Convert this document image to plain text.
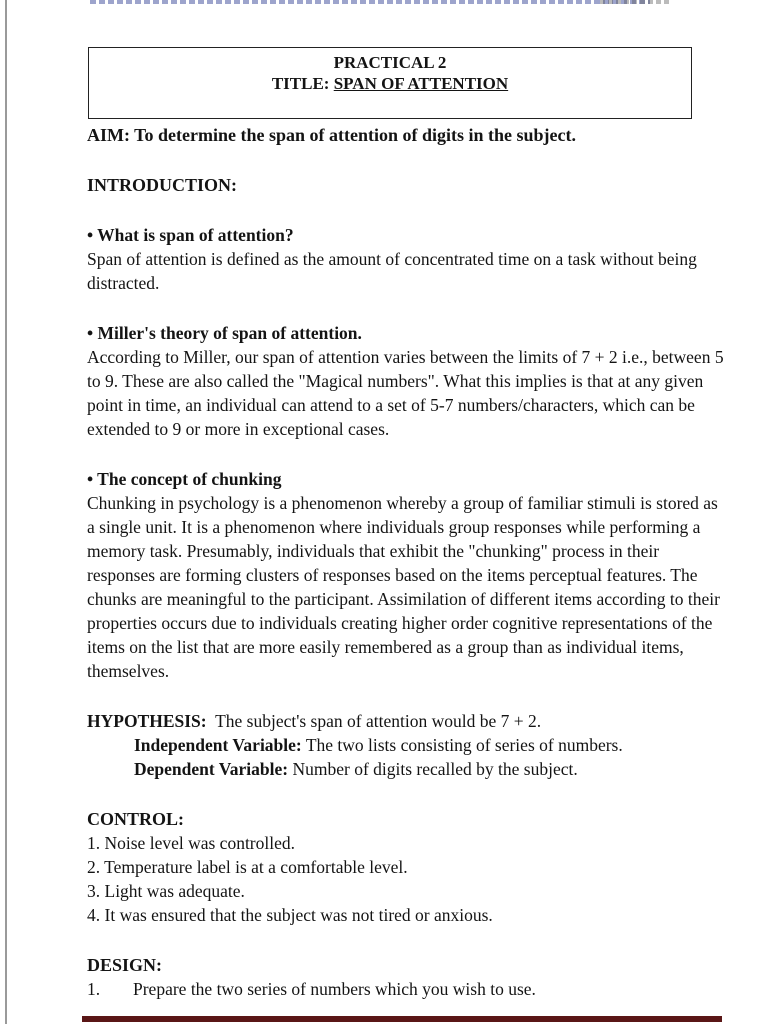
PRACTICAL 2
TITLE: SPAN OF ATTENTION

AIM: To determine the span of attention of digits in the subject.

INTRODUCTION:

• What is span of attention?

Span of attention is defined as the amount of concentrated time on a task without being distracted.

• Miller's theory of span of attention.

According to Miller, our span of attention varies between the limits of 7 + 2 i.e., between 5 to 9. These are also called the "Magical numbers". What this implies is that at any given point in time, an individual can attend to a set of 5-7 numbers/characters, which can be extended to 9 or more in exceptional cases.

• The concept of chunking

Chunking in psychology is a phenomenon whereby a group of familiar stimuli is stored as a single unit. It is a phenomenon where individuals group responses while performing a memory task. Presumably, individuals that exhibit the "chunking" process in their responses are forming clusters of responses based on the items perceptual features. The chunks are meaningful to the participant. Assimilation of different items according to their properties occurs due to individuals creating higher order cognitive representations of the items on the list that are more easily remembered as a group than as individual items, themselves.

HYPOTHESIS: The subject's span of attention would be 7 + 2.

Independent Variable: The two lists consisting of series of numbers.

Dependent Variable: Number of digits recalled by the subject.

CONTROL:

1. Noise level was controlled.

2. Temperature label is at a comfortable level.

3. Light was adequate.

4. It was ensured that the subject was not tired or anxious.

DESIGN:

1.	Prepare the two series of numbers which you wish to use.
